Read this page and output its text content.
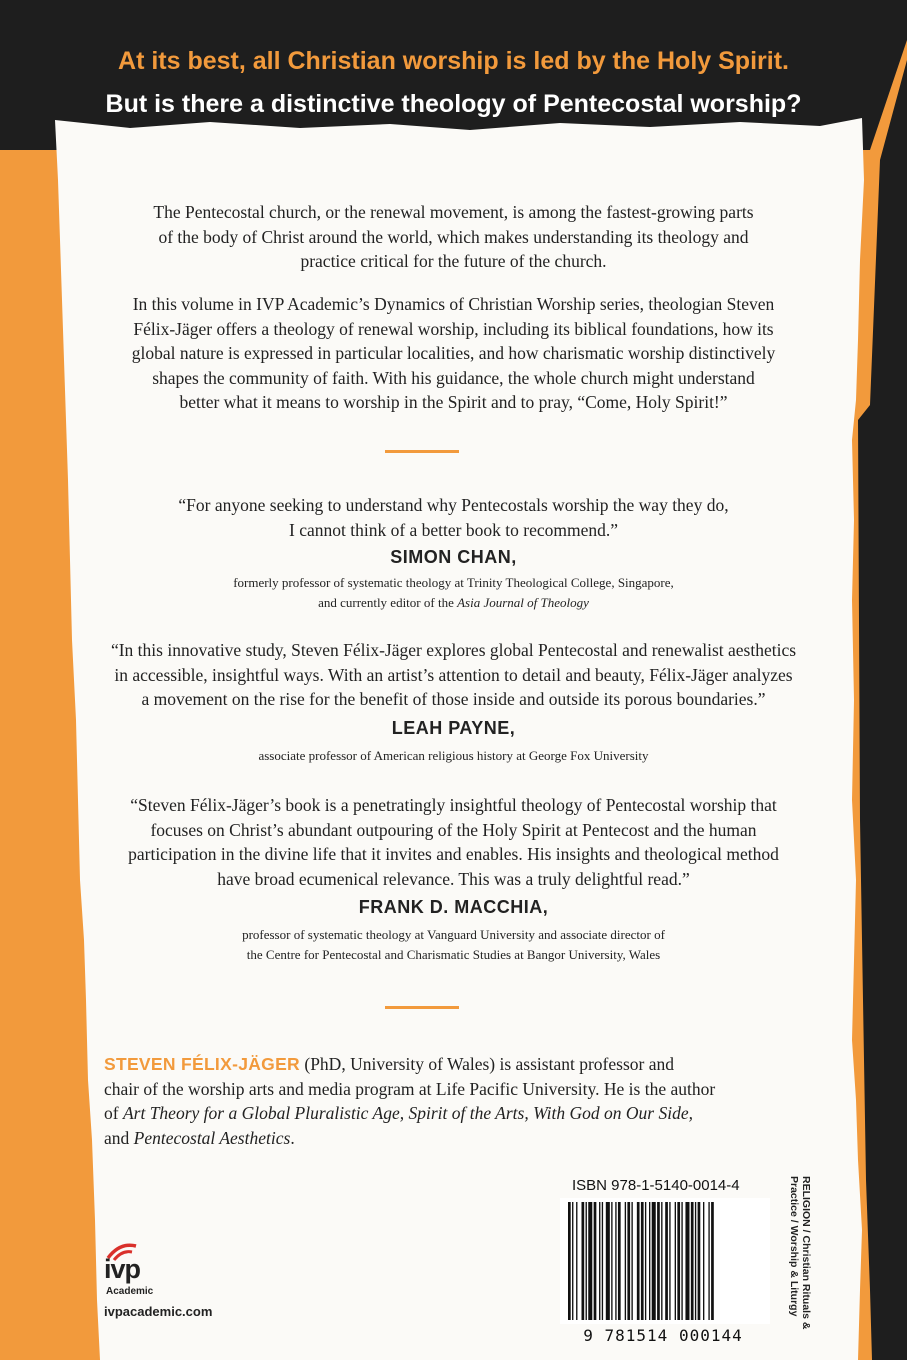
At its best, all Christian worship is led by the Holy Spirit.
But is there a distinctive theology of Pentecostal worship?
The Pentecostal church, or the renewal movement, is among the fastest-growing parts
of the body of Christ around the world, which makes understanding its theology and
practice critical for the future of the church.
In this volume in IVP Academic’s Dynamics of Christian Worship series, theologian Steven
Félix-Jäger offers a theology of renewal worship, including its biblical foundations, how its
global nature is expressed in particular localities, and how charismatic worship distinctively
shapes the community of faith. With his guidance, the whole church might understand
better what it means to worship in the Spirit and to pray, “Come, Holy Spirit!”
“For anyone seeking to understand why Pentecostals worship the way they do,
I cannot think of a better book to recommend.”
SIMON CHAN,
formerly professor of systematic theology at Trinity Theological College, Singapore,
and currently editor of the Asia Journal of Theology
“In this innovative study, Steven Félix-Jäger explores global Pentecostal and renewalist aesthetics
in accessible, insightful ways. With an artist’s attention to detail and beauty, Félix-Jäger analyzes
a movement on the rise for the benefit of those inside and outside its porous boundaries.”
LEAH PAYNE,
associate professor of American religious history at George Fox University
“Steven Félix-Jäger’s book is a penetratingly insightful theology of Pentecostal worship that
focuses on Christ’s abundant outpouring of the Holy Spirit at Pentecost and the human
participation in the divine life that it invites and enables. His insights and theological method
have broad ecumenical relevance. This was a truly delightful read.”
FRANK D. MACCHIA,
professor of systematic theology at Vanguard University and associate director of
the Centre for Pentecostal and Charismatic Studies at Bangor University, Wales
STEVEN FÉLIX-JÄGER (PhD, University of Wales) is assistant professor and
chair of the worship arts and media program at Life Pacific University. He is the author
of Art Theory for a Global Pluralistic Age, Spirit of the Arts, With God on Our Side,
and Pentecostal Aesthetics.
ISBN 978-1-5140-0014-4
9 781514 000144
RELIGION / Christian Rituals &
Practice / Worship & Liturgy
ivp
Academic
ivpacademic.com
